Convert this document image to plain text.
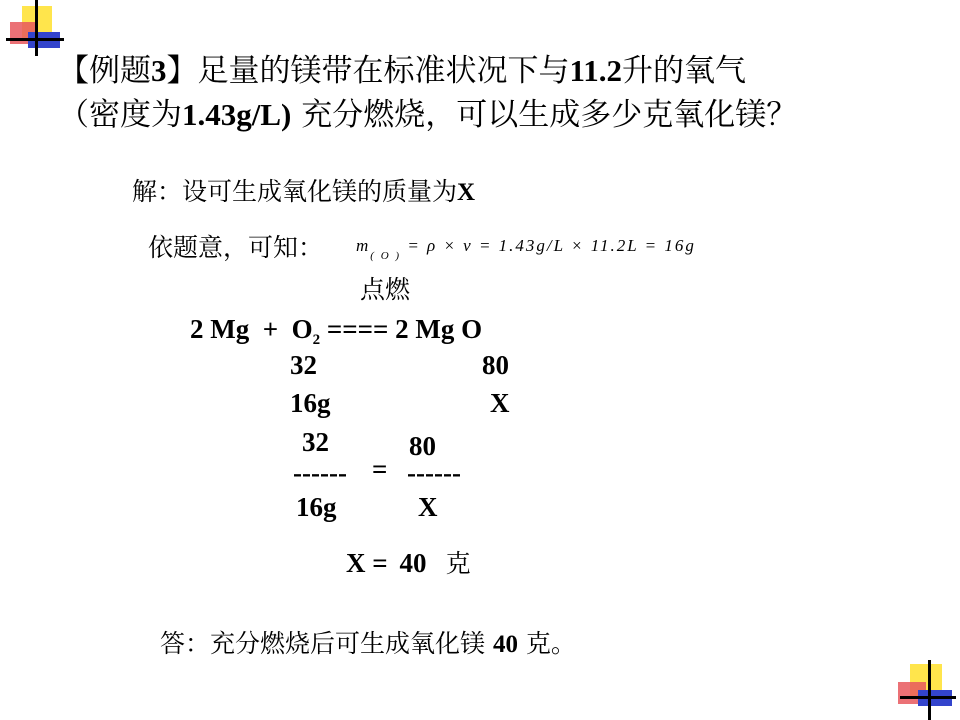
【例题3】足量的镁带在标准状况下与11.2升的氧气
（密度为1.43g/L) 充分燃烧，可以生成多少克氧化镁？
解：设可生成氧化镁的质量为X
依题意，可知： $m_{( O )} = \rho \times \nu = 1.43g/L \times 11.2L = 16g$
点燃
2 $Mg + O_2$ ==== 2 Mg O
32	80
16g	X
32	80
------ = ------
16g	X
X =  40 克
答：充分燃烧后可生成氧化镁 40 克。
